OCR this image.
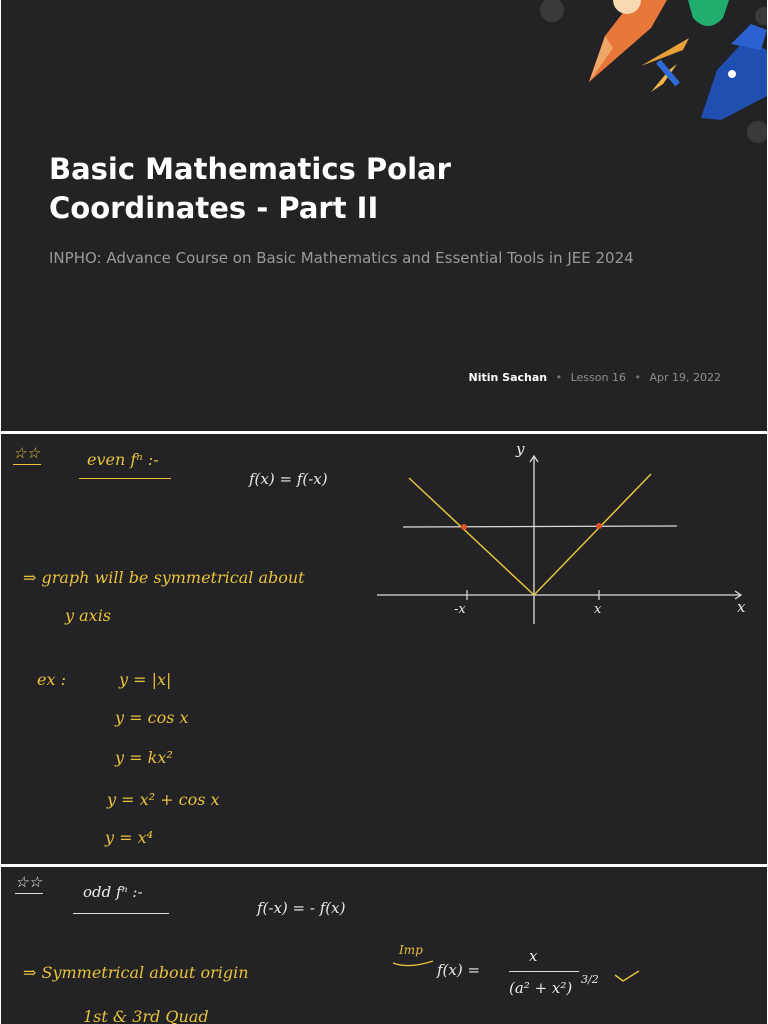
Basic Mathematics Polar
Coordinates - Part II
INPHO: Advance Course on Basic Mathematics and Essential Tools in JEE 2024
Nitin Sachan • Lesson 16 • Apr 19, 2022
☆☆	even fⁿ :-
f(x) = f(-x)
⇒ graph will be symmetrical about
y axis
ex :	y = |x|
y = cos x
y = kx²
y = x² + cos x
y = x⁴
y
x
-x	x
☆☆
odd fⁿ :-
f(-x) = - f(x)
⇒ Symmetrical about origin
1st & 3rd Quad
Imp
f(x) =
x
(a² + x²) 3/2
